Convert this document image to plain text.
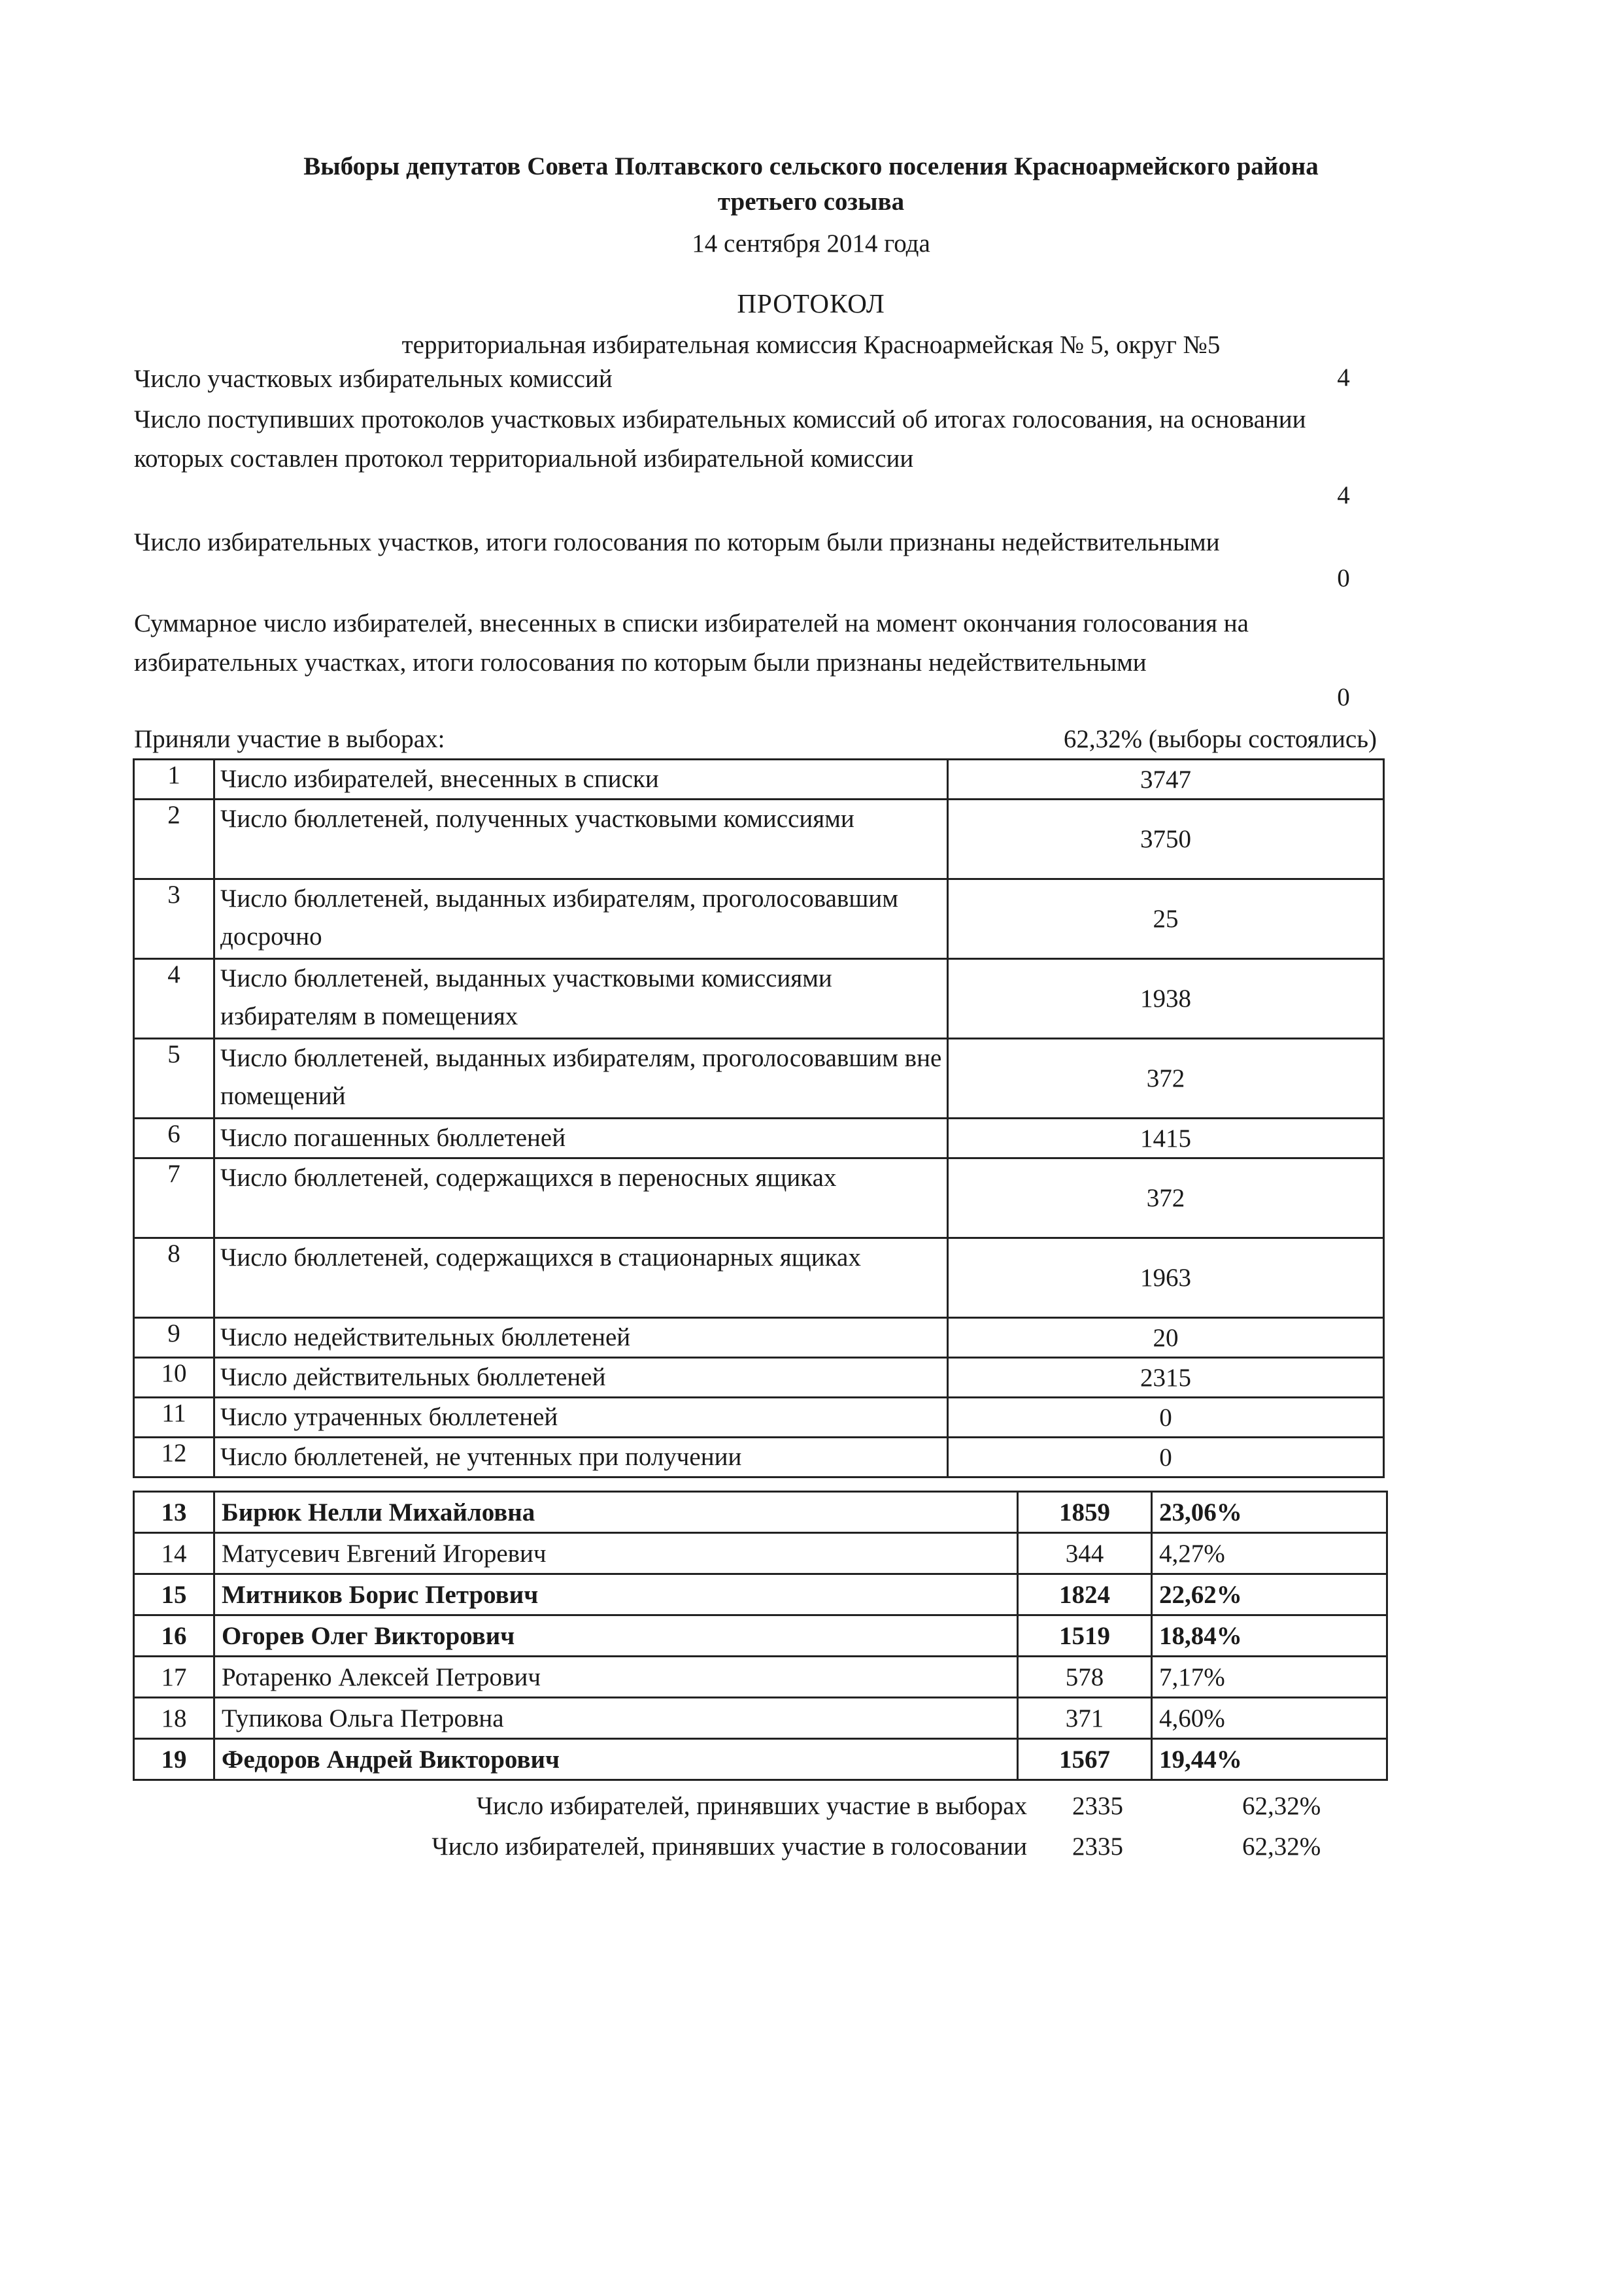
Выборы депутатов Совета Полтавского сельского поселения Красноармейского района
третьего созыва
14 сентября 2014 года
ПРОТОКОЛ
территориальная избирательная комиссия Красноармейская № 5, округ №5
Число участковых избирательных комиссий	4
Число поступивших протоколов участковых избирательных комиссий об итогах голосования, на основании которых составлен протокол территориальной избирательной комиссии
4
Число избирательных участков, итоги голосования по которым были признаны недействительными
0
Суммарное число избирателей, внесенных в списки избирателей на момент окончания голосования на избирательных участках, итоги голосования по которым были признаны недействительными
0
Приняли участие в выборах:	62,32% (выборы состоялись)
1	Число избирателей, внесенных в списки	3747
2	Число бюллетеней, полученных участковыми комиссиями	3750
3	Число бюллетеней, выданных избирателям, проголосовавшим досрочно	25
4	Число бюллетеней, выданных участковыми комиссиями избирателям в помещениях	1938
5	Число бюллетеней, выданных избирателям, проголосовавшим вне помещений	372
6	Число погашенных бюллетеней	1415
7	Число бюллетеней, содержащихся в переносных ящиках	372
8	Число бюллетеней, содержащихся в стационарных ящиках	1963
9	Число недействительных бюллетеней	20
10	Число действительных бюллетеней	2315
11	Число утраченных бюллетеней	0
12	Число бюллетеней, не учтенных при получении	0
13	Бирюк Нелли Михайловна	1859	23,06%
14	Матусевич Евгений Игоревич	344	4,27%
15	Митников Борис Петрович	1824	22,62%
16	Огорев Олег Викторович	1519	18,84%
17	Ротаренко Алексей Петрович	578	7,17%
18	Тупикова Ольга Петровна	371	4,60%
19	Федоров Андрей Викторович	1567	19,44%
Число избирателей, принявших участие в выборах 2335	62,32%
Число избирателей, принявших участие в голосовании 2335	62,32%
